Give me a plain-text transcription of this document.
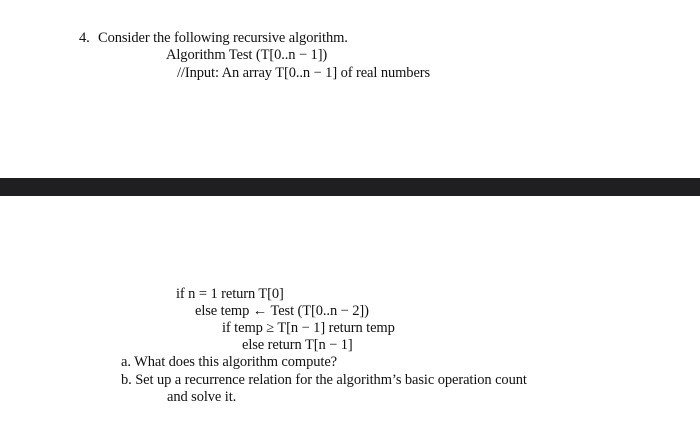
4. Consider the following recursive algorithm.
Algorithm Test (T[0..n − 1])
//Input: An array T[0..n − 1] of real numbers
if n = 1 return T[0]
else temp ← Test (T[0..n − 2])
if temp ≥ T[n − 1] return temp
else return T[n − 1]
a. What does this algorithm compute?
b. Set up a recurrence relation for the algorithm’s basic operation count
and solve it.
